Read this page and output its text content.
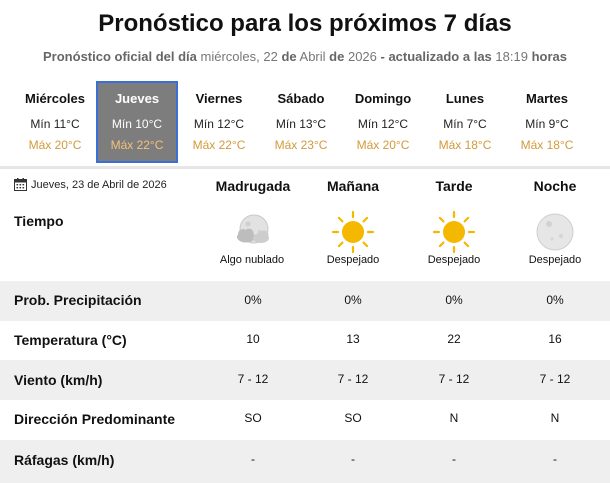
Pronóstico para los próximos 7 días
Pronóstico oficial del día miércoles, 22 de Abril de 2026 - actualizado a las 18:19 horas
Miércoles
Mín 11°C
Máx 20°C
Jueves
Mín 10°C
Máx 22°C
Viernes
Mín 12°C
Máx 22°C
Sábado
Mín 13°C
Máx 23°C
Domingo
Mín 12°C
Máx 20°C
Lunes
Mín 7°C
Máx 18°C
Martes
Mín 9°C
Máx 18°C
Jueves, 23 de Abril de 2026	Madrugada	Mañana	Tarde	Noche
Tiempo
Algo nublado	Despejado	Despejado	Despejado
Prob. Precipitación	0%	0%	0%	0%
Temperatura (°C)	10	13	22	16
Viento (km/h)	7 - 12	7 - 12	7 - 12	7 - 12
Dirección Predominante	SO	SO	N	N
Ráfagas (km/h)	-	-	-	-
